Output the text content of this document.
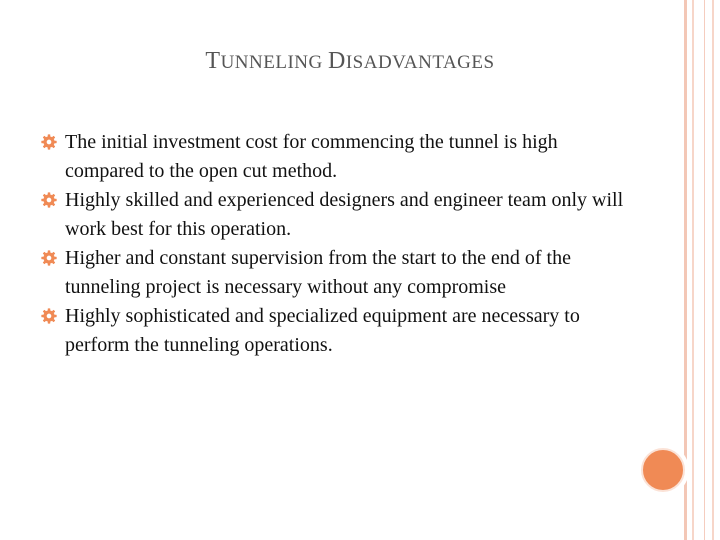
TUNNELING DISADVANTAGES
The initial investment cost for commencing the tunnel is high compared to the open cut method.
Highly skilled and experienced designers and engineer team only will work best for this operation.
Higher and constant supervision from the start to the end of the tunneling project is necessary without any compromise
Highly sophisticated and specialized equipment are necessary to perform the tunneling operations.
